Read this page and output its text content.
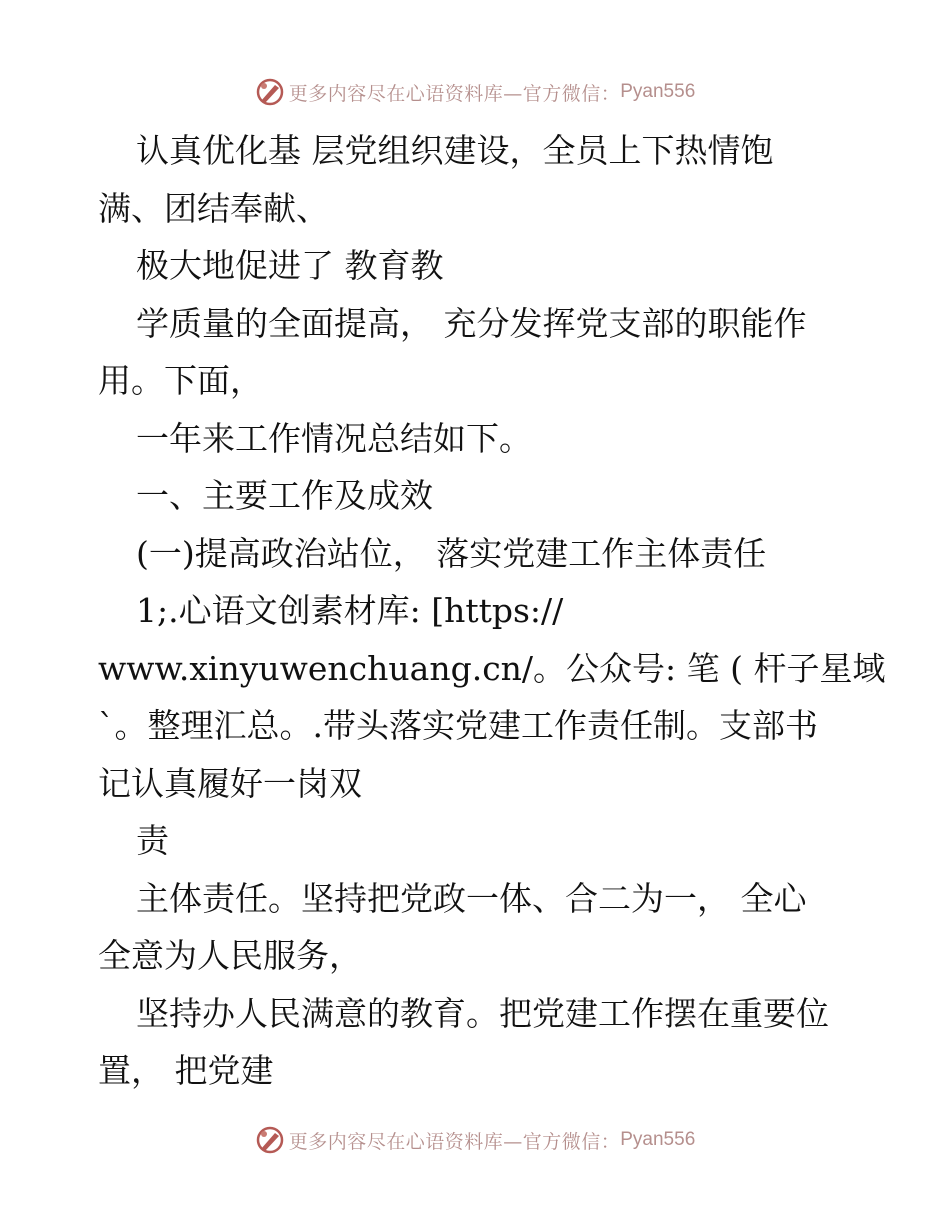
更多内容尽在心语资料库—官方微信： Pyan556
认真优化基 层党组织建设，全员上下热情饱
满、团结奉献、
极大地促进了 教育教
学质量的全面提高， 充分发挥党支部的职能作
用。下面，
一年来工作情况总结如下。
一、主要工作及成效
(一)提高政治站位， 落实党建工作主体责任
1;.心语文创素材库: [https://
www.xinyuwenchuang.cn/。公众号: 笔 ( 杆子星域
`。整理汇总。.带头落实党建工作责任制。支部书
记认真履好一岗双
责
主体责任。坚持把党政一体、合二为一， 全心
全意为人民服务，
坚持办人民满意的教育。把党建工作摆在重要位
置， 把党建
更多内容尽在心语资料库—官方微信： Pyan556
